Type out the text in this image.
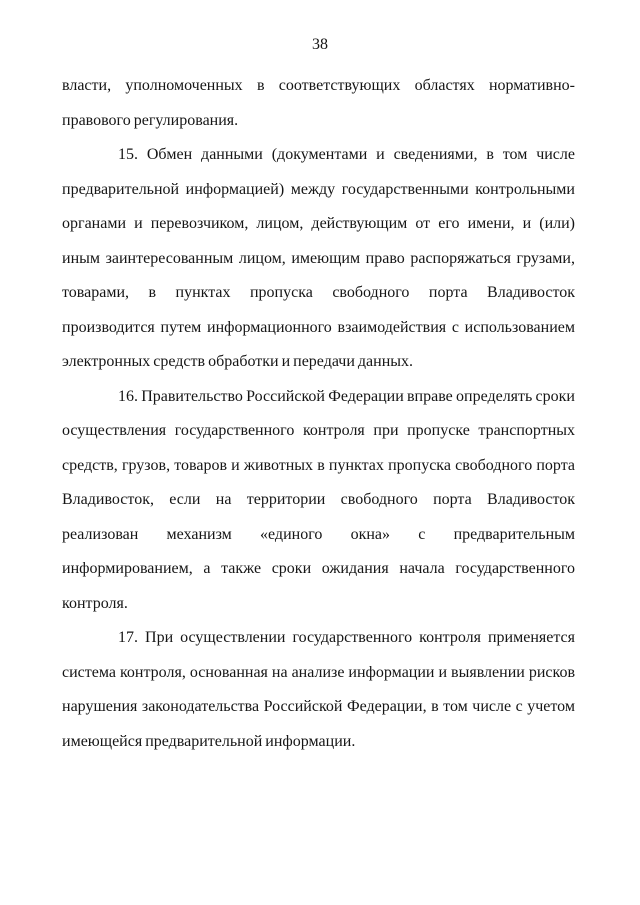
38
власти, уполномоченных в соответствующих областях нормативно-
правового регулирования.
15. Обмен данными (документами и сведениями, в том числе
предварительной информацией) между государственными контрольными
органами и перевозчиком, лицом, действующим от его имени, и (или)
иным заинтересованным лицом, имеющим право распоряжаться грузами,
товарами, в пунктах пропуска свободного порта Владивосток
производится путем информационного взаимодействия с использованием
электронных средств обработки и передачи данных.
16. Правительство Российской Федерации вправе определять сроки
осуществления государственного контроля при пропуске транспортных
средств, грузов, товаров и животных в пунктах пропуска свободного порта
Владивосток, если на территории свободного порта Владивосток
реализован механизм «единого окна» с предварительным
информированием, а также сроки ожидания начала государственного
контроля.
17. При осуществлении государственного контроля применяется
система контроля, основанная на анализе информации и выявлении рисков
нарушения законодательства Российской Федерации, в том числе с учетом
имеющейся предварительной информации.
